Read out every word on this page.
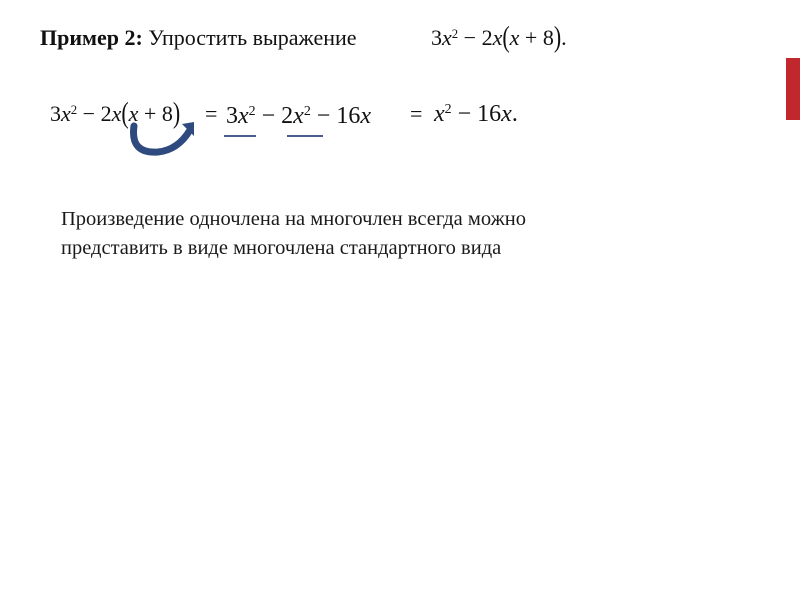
Пример 2: Упростить выражение	$3x^2 - 2x(x + 8)$.
$3x^2 - 2x(x + 8) = 3x^2 - 2x^2 - 16x = x^2 - 16x$.
Произведение одночлена на многочлен всегда можно
представить в виде многочлена стандартного вида
